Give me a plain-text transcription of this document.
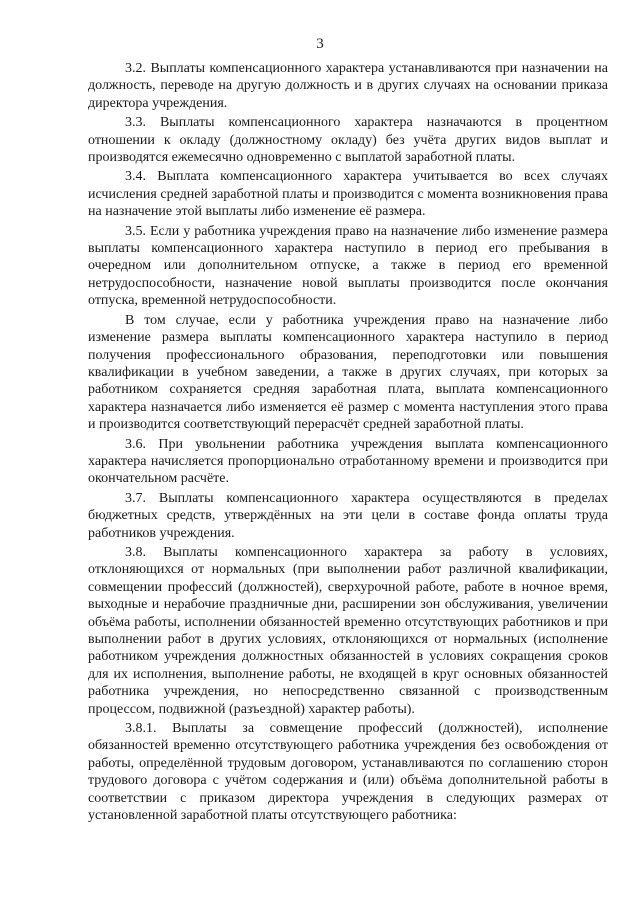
3

3.2. Выплаты компенсационного характера устанавливаются при назначении на должность, переводе на другую должность и в других случаях на основании приказа директора учреждения.

3.3. Выплаты компенсационного характера назначаются в процентном отношении к окладу (должностному окладу) без учёта других видов выплат и производятся ежемесячно одновременно с выплатой заработной платы.

3.4. Выплата компенсационного характера учитывается во всех случаях исчисления средней заработной платы и производится с момента возникновения права на назначение этой выплаты либо изменение её размера.

3.5. Если у работника учреждения право на назначение либо изменение размера выплаты компенсационного характера наступило в период его пребывания в очередном или дополнительном отпуске, а также в период его временной нетрудоспособности, назначение новой выплаты производится после окончания отпуска, временной нетрудоспособности.

В том случае, если у работника учреждения право на назначение либо изменение размера выплаты компенсационного характера наступило в период получения профессионального образования, переподготовки или повышения квалификации в учебном заведении, а также в других случаях, при которых за работником сохраняется средняя заработная плата, выплата компенсационного характера назначается либо изменяется её размер с момента наступления этого права и производится соответствующий перерасчёт средней заработной платы.

3.6. При увольнении работника учреждения выплата компенсационного характера начисляется пропорционально отработанному времени и производится при окончательном расчёте.

3.7. Выплаты компенсационного характера осуществляются в пределах бюджетных средств, утверждённых на эти цели в составе фонда оплаты труда работников учреждения.

3.8. Выплаты компенсационного характера за работу в условиях, отклоняющихся от нормальных (при выполнении работ различной квалификации, совмещении профессий (должностей), сверхурочной работе, работе в ночное время, выходные и нерабочие праздничные дни, расширении зон обслуживания, увеличении объёма работы, исполнении обязанностей временно отсутствующих работников и при выполнении работ в других условиях, отклоняющихся от нормальных (исполнение работником учреждения должностных обязанностей в условиях сокращения сроков для их исполнения, выполнение работы, не входящей в круг основных обязанностей работника учреждения, но непосредственно связанной с производственным процессом, подвижной (разъездной) характер работы).

3.8.1. Выплаты за совмещение профессий (должностей), исполнение обязанностей временно отсутствующего работника учреждения без освобождения от работы, определённой трудовым договором, устанавливаются по соглашению сторон трудового договора с учётом содержания и (или) объёма дополнительной работы в соответствии с приказом директора учреждения в следующих размерах от установленной заработной платы отсутствующего работника:
